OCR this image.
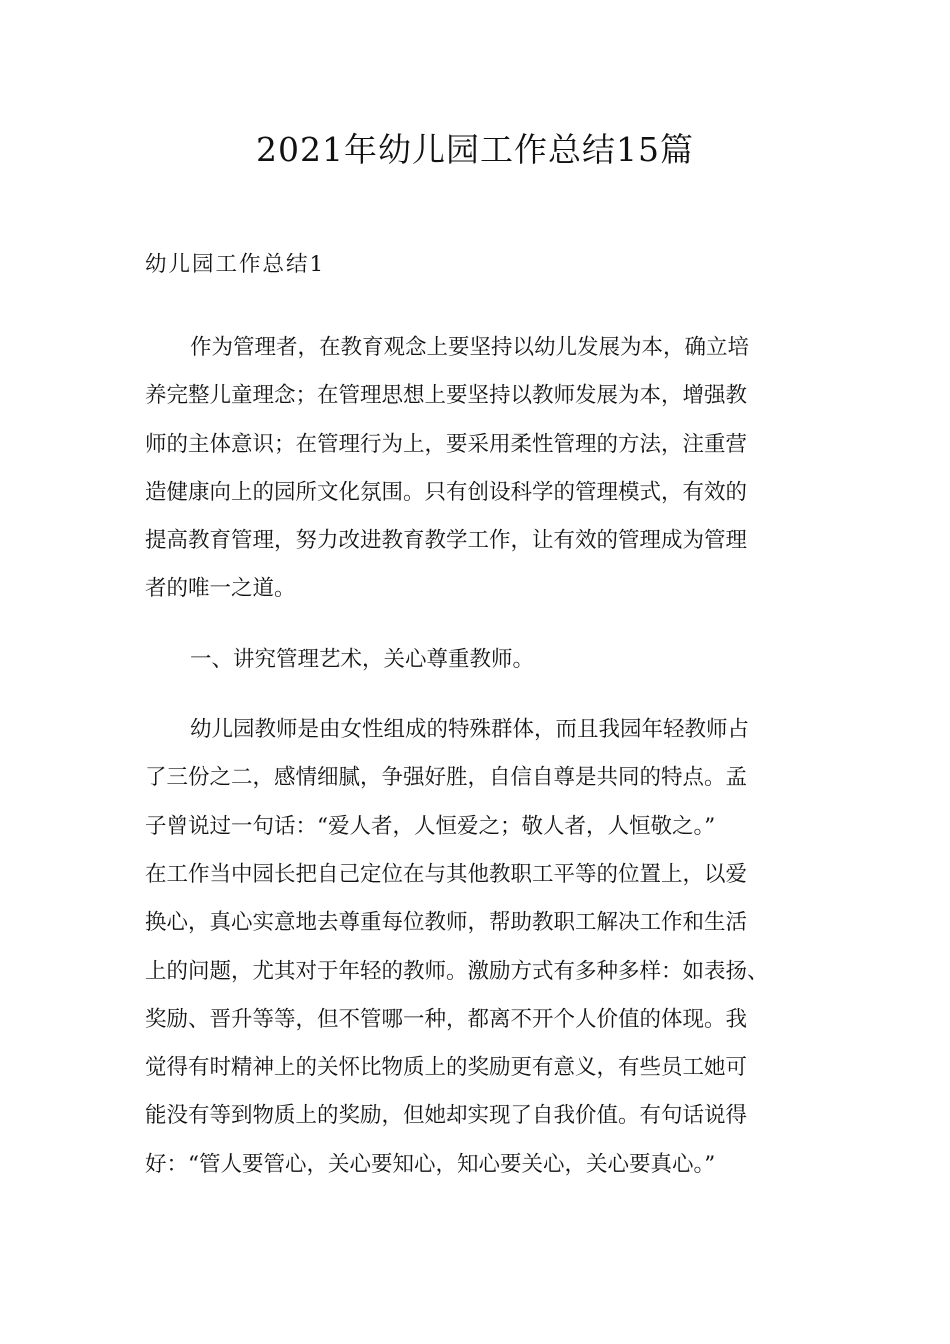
2021年幼儿园工作总结15篇
幼儿园工作总结1

作为管理者，在教育观念上要坚持以幼儿发展为本，确立培
养完整儿童理念；在管理思想上要坚持以教师发展为本，增强教
师的主体意识；在管理行为上，要采用柔性管理的方法，注重营
造健康向上的园所文化氛围。只有创设科学的管理模式，有效的
提高教育管理，努力改进教育教学工作，让有效的管理成为管理
者的唯一之道。

一、讲究管理艺术，关心尊重教师。

幼儿园教师是由女性组成的特殊群体，而且我园年轻教师占
了三份之二，感情细腻，争强好胜，自信自尊是共同的特点。孟
子曾说过一句话：“爱人者，人恒爱之；敬人者，人恒敬之。”
在工作当中园长把自己定位在与其他教职工平等的位置上，以爱
换心，真心实意地去尊重每位教师，帮助教职工解决工作和生活
上的问题，尤其对于年轻的教师。激励方式有多种多样：如表扬、
奖励、晋升等等，但不管哪一种，都离不开个人价值的体现。我
觉得有时精神上的关怀比物质上的奖励更有意义，有些员工她可
能没有等到物质上的奖励，但她却实现了自我价值。有句话说得
好：“管人要管心，关心要知心，知心要关心，关心要真心。”
